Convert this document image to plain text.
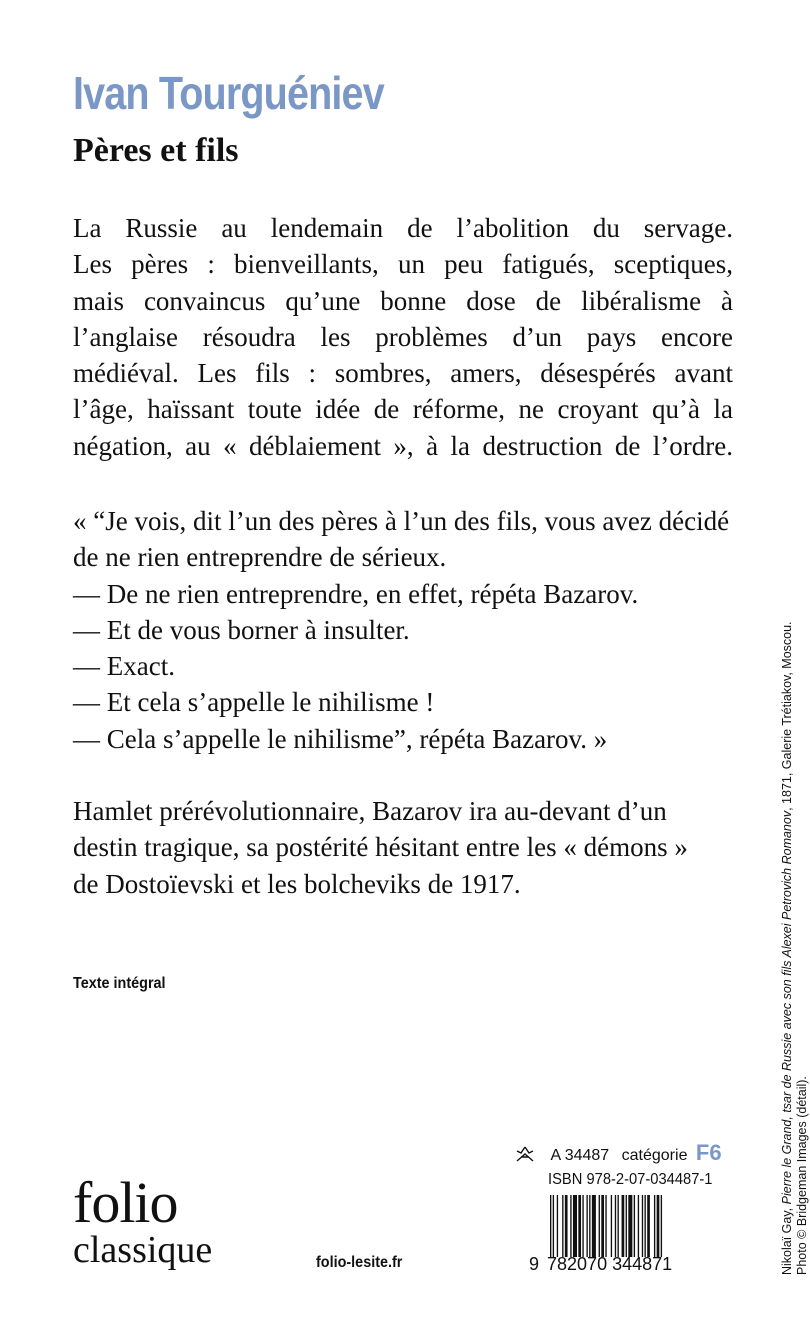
Ivan Tourguéniev
Pères et fils

La Russie au lendemain de l’abolition du servage.
Les pères : bienveillants, un peu fatigués, sceptiques,
mais convaincus qu’une bonne dose de libéralisme à
l’anglaise résoudra les problèmes d’un pays encore
médiéval. Les fils : sombres, amers, désespérés avant
l’âge, haïssant toute idée de réforme, ne croyant qu’à la
négation, au « déblaiement », à la destruction de l’ordre.

« “Je vois, dit l’un des pères à l’un des fils, vous avez décidé
de ne rien entreprendre de sérieux.
— De ne rien entreprendre, en effet, répéta Bazarov.
— Et de vous borner à insulter.
— Exact.
— Et cela s’appelle le nihilisme !
— Cela s’appelle le nihilisme”, répéta Bazarov. »

Hamlet prérévolutionnaire, Bazarov ira au-devant d’un
destin tragique, sa postérité hésitant entre les « démons »
de Dostoïevski et les bolcheviks de 1917.

Texte intégral

folio
classique	folio-lesite.fr
A 34487 catégorie F6
ISBN 978-2-07-034487-1
9 782070 344871	Nikolaï Gay, Pierre le Grand, tsar de Russie avec son fils Alexei Petrovich Romanov, 1871, Galerie Trétiakov, Moscou.
Photo © Bridgeman Images (détail).
